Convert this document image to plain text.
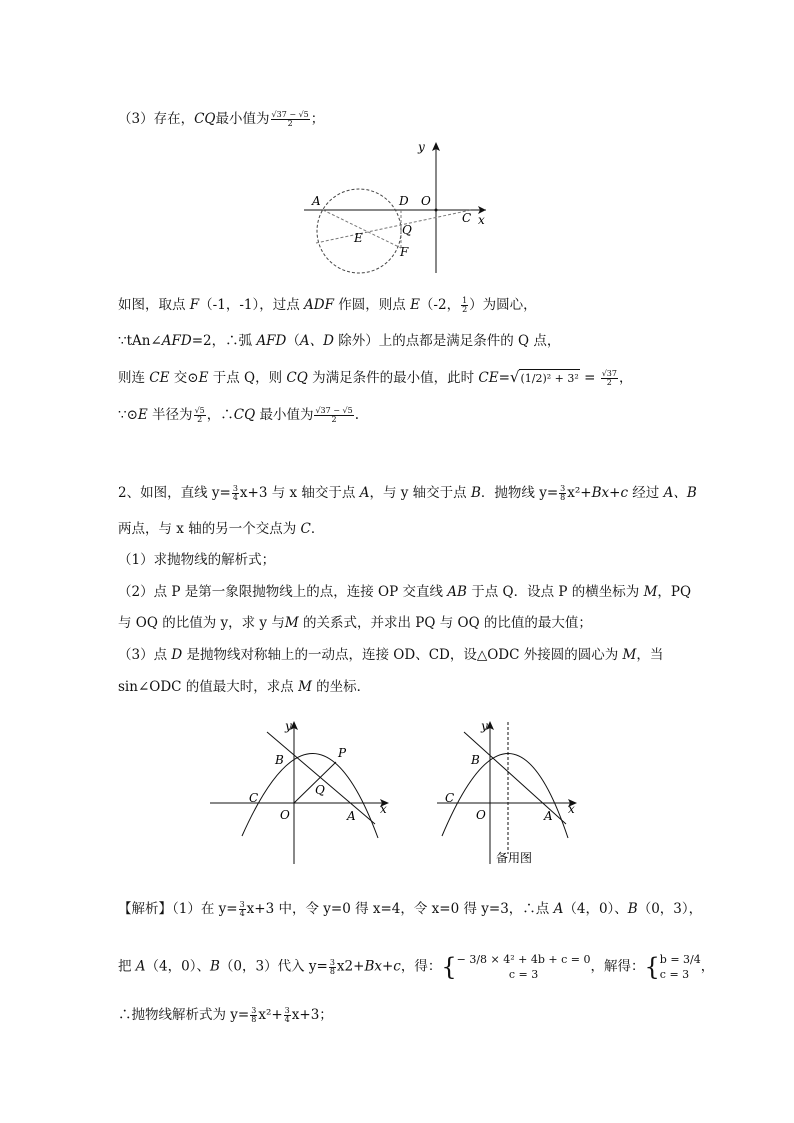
（3）存在，CQ最小值为 $\frac{√37 - √5}{2}$ ；
y
x
A	D O
C
E
Q
F
如图，取点 F（-1，-1），过点 ADF 作圆，则点 E（-2， $\frac{1}{2}$ ）为圆心，
∵tAn∠AFD=2，∴弧 AFD（A、D 除外）上的点都是满足条件的 Q 点，
则连 CE 交⊙E 于点 Q，则 CQ 为满足条件的最小值，此时 $CE=√(1/2)^2 + 3^2 = \frac{√37}{2}$ ，
∵⊙E 半径为 $\frac{√5}{2}$ ，∴CQ 最小值为 $\frac{√37 - √5}{2}$ .
2、如图，直线 $y= \frac{3}{4} x+3$ 与 x 轴交于点 A，与 y 轴交于点 B．抛物线 $y= \frac{3}{8} x^2+Bx+c$ 经过 A、B
两点，与 x 轴的另一个交点为 C．
（1）求抛物线的解析式；
（2）点 P 是第一象限抛物线上的点，连接 OP 交直线 AB 于点 Q．设点 P 的横坐标为 M，PQ
与 OQ 的比值为 y，求 y 与M 的关系式，并求出 PQ 与 OQ 的比值的最大值；
（3）点 D 是抛物线对称轴上的一动点，连接 OD、CD，设△ODC 外接圆的圆心为 M，当
sin∠ODC 的值最大时，求点 M 的坐标．
y
x
B	P
Q
C
O	A
y
x
B
C
O	A
备用图
【解析】（1）在 $y= \frac{3}{4} x+3$ 中，令 y=0 得 x=4，令 x=0 得 y=3，∴点 A（4，0）、B（0，3），
把 A（4，0）、B（0，3）代入 $y= \frac{3}{8} x2+Bx+c$，得：{ − 3/8 × 4² + 4b + c = 0
c = 3	，解得：{ b = 3/4
c = 3 ，
∴抛物线解析式为 $y= \frac{3}{8} x^2+ \frac{3}{4} x+3$；
